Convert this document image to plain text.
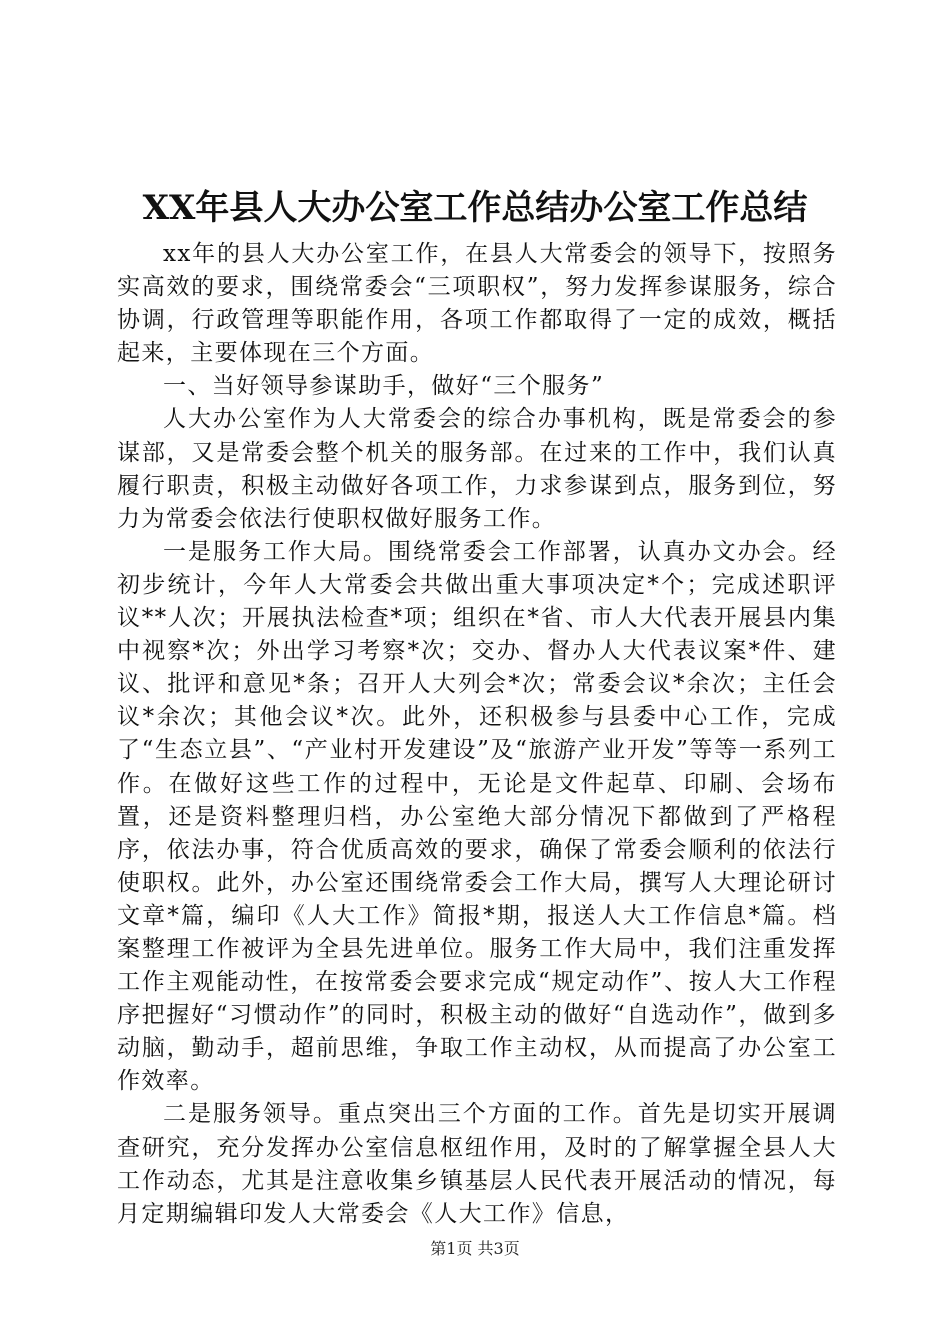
XX年县人大办公室工作总结办公室工作总结

xx年的县人大办公室工作，在县人大常委会的领导下，按照务实高效的要求，围绕常委会“三项职权”，努力发挥参谋服务，综合协调，行政管理等职能作用，各项工作都取得了一定的成效，概括起来，主要体现在三个方面。

一、当好领导参谋助手，做好“三个服务”

人大办公室作为人大常委会的综合办事机构，既是常委会的参谋部，又是常委会整个机关的服务部。在过来的工作中，我们认真履行职责，积极主动做好各项工作，力求参谋到点，服务到位，努力为常委会依法行使职权做好服务工作。

一是服务工作大局。围绕常委会工作部署，认真办文办会。经初步统计，今年人大常委会共做出重大事项决定*个；完成述职评议**人次；开展执法检查*项；组织在*省、市人大代表开展县内集中视察*次；外出学习考察*次；交办、督办人大代表议案*件、建议、批评和意见*条；召开人大列会*次；常委会议*余次；主任会议*余次；其他会议*次。此外，还积极参与县委中心工作，完成了“生态立县”、“产业村开发建设”及“旅游产业开发”等等一系列工作。在做好这些工作的过程中，无论是文件起草、印刷、会场布置，还是资料整理归档，办公室绝大部分情况下都做到了严格程序，依法办事，符合优质高效的要求，确保了常委会顺利的依法行使职权。此外，办公室还围绕常委会工作大局，撰写人大理论研讨文章*篇，编印《人大工作》简报*期，报送人大工作信息*篇。档案整理工作被评为全县先进单位。服务工作大局中，我们注重发挥工作主观能动性，在按常委会要求完成“规定动作”、按人大工作程序把握好“习惯动作”的同时，积极主动的做好“自选动作”，做到多动脑，勤动手，超前思维，争取工作主动权，从而提高了办公室工作效率。

二是服务领导。重点突出三个方面的工作。首先是切实开展调查研究，充分发挥办公室信息枢纽作用，及时的了解掌握全县人大工作动态，尤其是注意收集乡镇基层人民代表开展活动的情况，每月定期编辑印发人大常委会《人大工作》信息，

第1页 共3页
